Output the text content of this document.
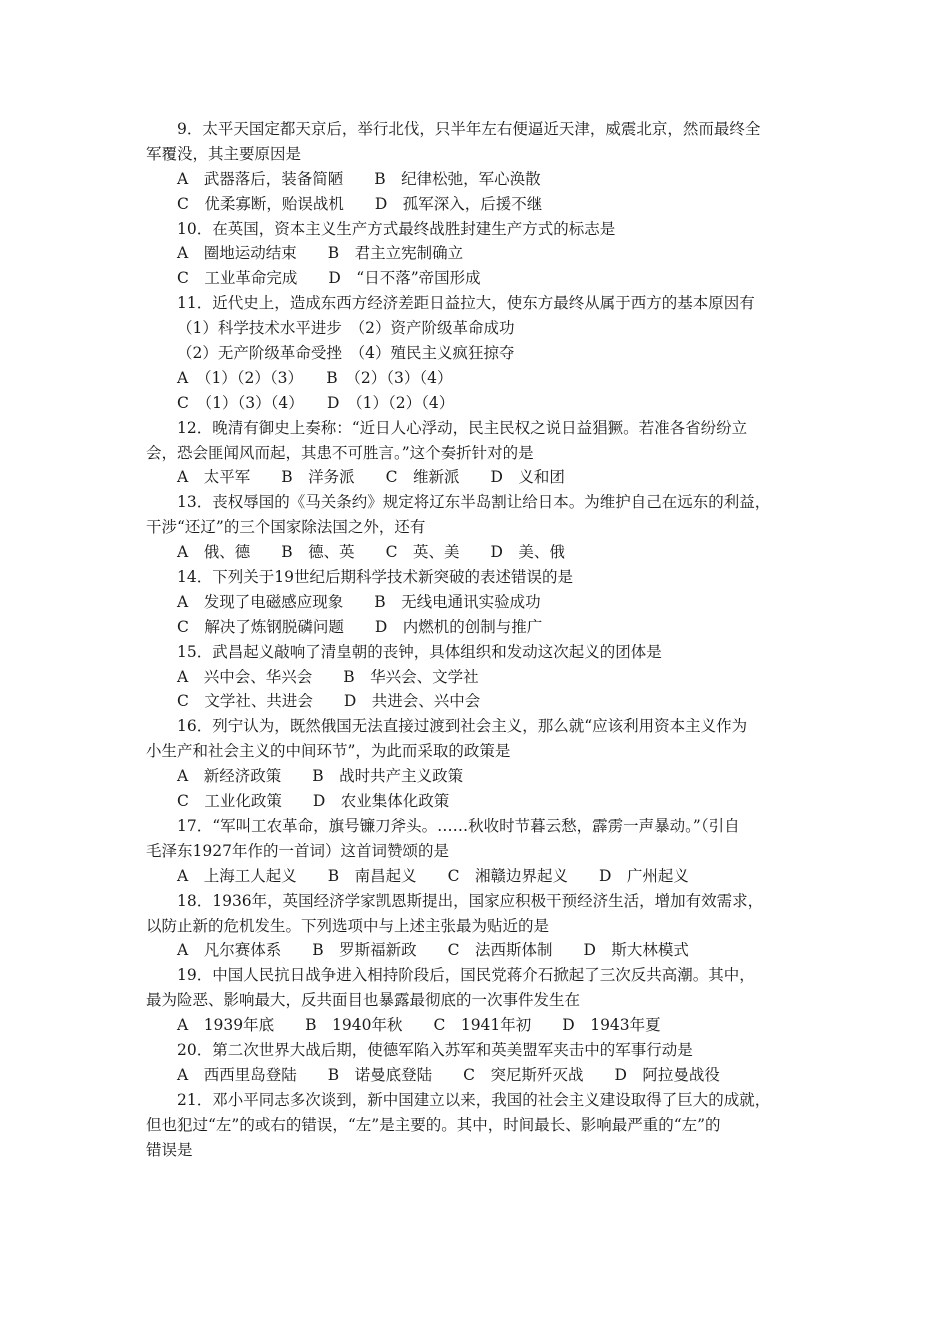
9．太平天国定都天京后，举行北伐，只半年左右便逼近天津，威震北京，然而最终全
军覆没，其主要原因是
A　武器落后，装备简陋　　B　纪律松弛，军心涣散
C　优柔寡断，贻误战机　　D　孤军深入，后援不继
10．在英国，资本主义生产方式最终战胜封建生产方式的标志是
A　圈地运动结束　　B　君主立宪制确立
C　工业革命完成　　D　“日不落”帝国形成
11．近代史上，造成东西方经济差距日益拉大，使东方最终从属于西方的基本原因有
（1）科学技术水平进步　（2）资产阶级革命成功
（2）无产阶级革命受挫　（4）殖民主义疯狂掠夺
A　（1）（2）（3）　　B　（2）（3）（4）
C　（1）（3）（4）　　D　（1）（2）（4）
12．晚清有御史上奏称：“近日人心浮动，民主民权之说日益猖獗。若准各省纷纷立
会，恐会匪闻风而起，其患不可胜言。”这个奏折针对的是
A　太平军　　B　洋务派　　C　维新派　　D　义和团
13．丧权辱国的《马关条约》规定将辽东半岛割让给日本。为维护自己在远东的利益，
干涉“还辽”的三个国家除法国之外，还有
A　俄、德　　B　德、英　　C　英、美　　D　美、俄
14．下列关于19世纪后期科学技术新突破的表述错误的是
A　发现了电磁感应现象　　B　无线电通讯实验成功
C　解决了炼钢脱磷问题　　D　内燃机的创制与推广
15．武昌起义敲响了清皇朝的丧钟，具体组织和发动这次起义的团体是
A　兴中会、华兴会　　B　华兴会、文学社
C　文学社、共进会　　D　共进会、兴中会
16．列宁认为，既然俄国无法直接过渡到社会主义，那么就“应该利用资本主义作为
小生产和社会主义的中间环节”，为此而采取的政策是
A　新经济政策　　B　战时共产主义政策
C　工业化政策　　D　农业集体化政策
17．“军叫工农革命，旗号镰刀斧头。……秋收时节暮云愁，霹雳一声暴动。”（引自
毛泽东1927年作的一首词）这首词赞颂的是
A　上海工人起义　　B　南昌起义　　C　湘赣边界起义　　D　广州起义
18．1936年，英国经济学家凯恩斯提出，国家应积极干预经济生活，增加有效需求，
以防止新的危机发生。下列选项中与上述主张最为贴近的是
A　凡尔赛体系　　B　罗斯福新政　　C　法西斯体制　　D　斯大林模式
19．中国人民抗日战争进入相持阶段后，国民党蒋介石掀起了三次反共高潮。其中，
最为险恶、影响最大，反共面目也暴露最彻底的一次事件发生在
A　1939年底　　B　1940年秋　　C　1941年初　　D　1943年夏
20．第二次世界大战后期，使德军陷入苏军和英美盟军夹击中的军事行动是
A　西西里岛登陆　　B　诺曼底登陆　　C　突尼斯歼灭战　　D　阿拉曼战役
21．邓小平同志多次谈到，新中国建立以来，我国的社会主义建设取得了巨大的成就，
但也犯过“左”的或右的错误，“左”是主要的。其中，时间最长、影响最严重的“左”的
错误是
